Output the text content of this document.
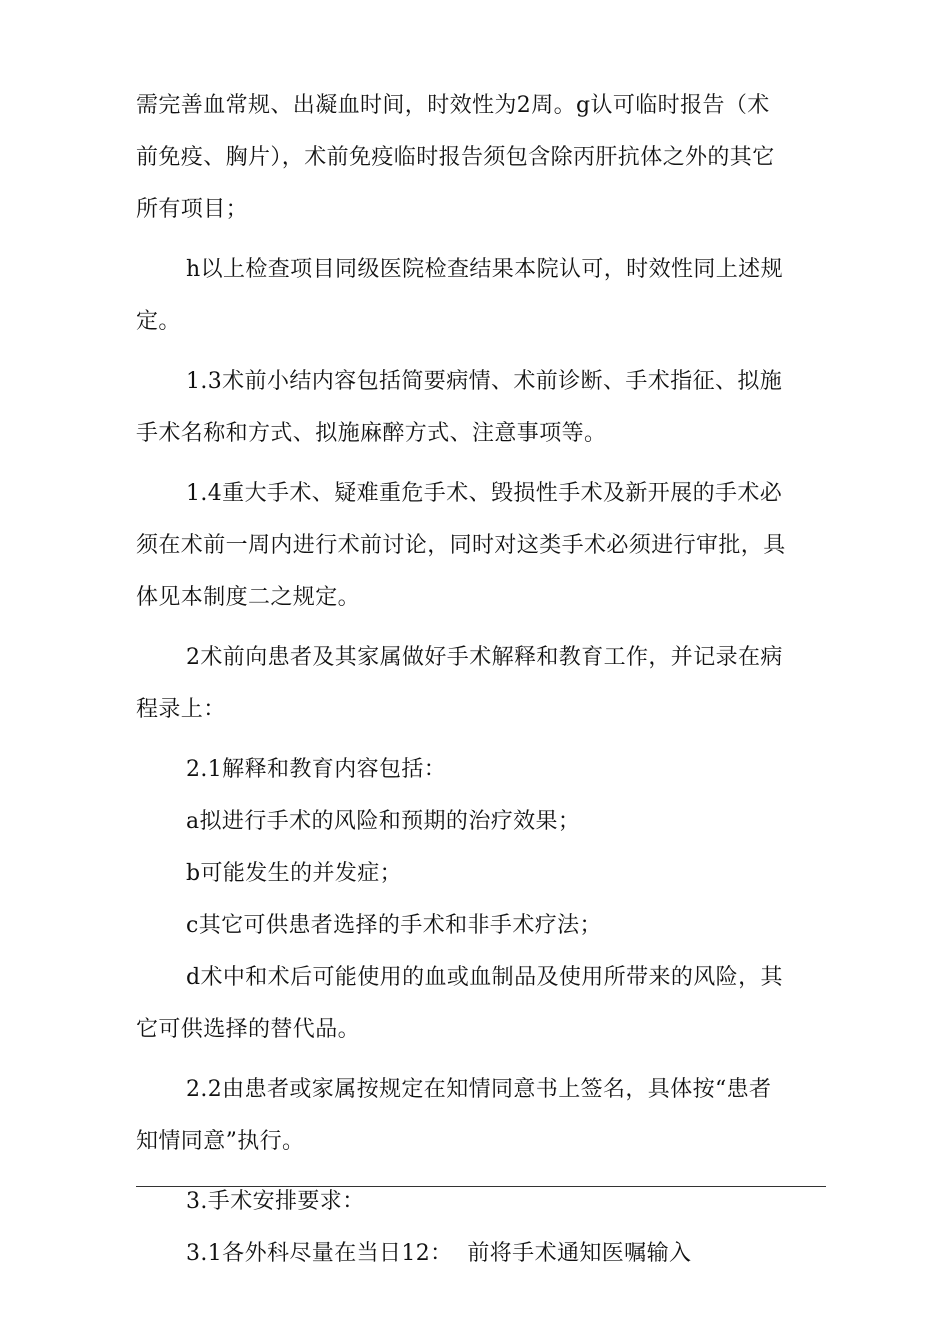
需完善血常规、出凝血时间，时效性为2周。g认可临时报告（术
前免疫、胸片），术前免疫临时报告须包含除丙肝抗体之外的其它
所有项目；

h以上检查项目同级医院检查结果本院认可，时效性同上述规
定。

1.3术前小结内容包括简要病情、术前诊断、手术指征、拟施
手术名称和方式、拟施麻醉方式、注意事项等。

1.4重大手术、疑难重危手术、毁损性手术及新开展的手术必
须在术前一周内进行术前讨论，同时对这类手术必须进行审批，具
体见本制度二之规定。

2术前向患者及其家属做好手术解释和教育工作，并记录在病
程录上：

2.1解释和教育内容包括：

a拟进行手术的风险和预期的治疗效果；

b可能发生的并发症；

c其它可供患者选择的手术和非手术疗法；

d术中和术后可能使用的血或血制品及使用所带来的风险，其
它可供选择的替代品。

2.2由患者或家属按规定在知情同意书上签名，具体按“患者
知情同意”执行。

3.手术安排要求：

3.1各外科尽量在当日12：  前将手术通知医嘱输入
